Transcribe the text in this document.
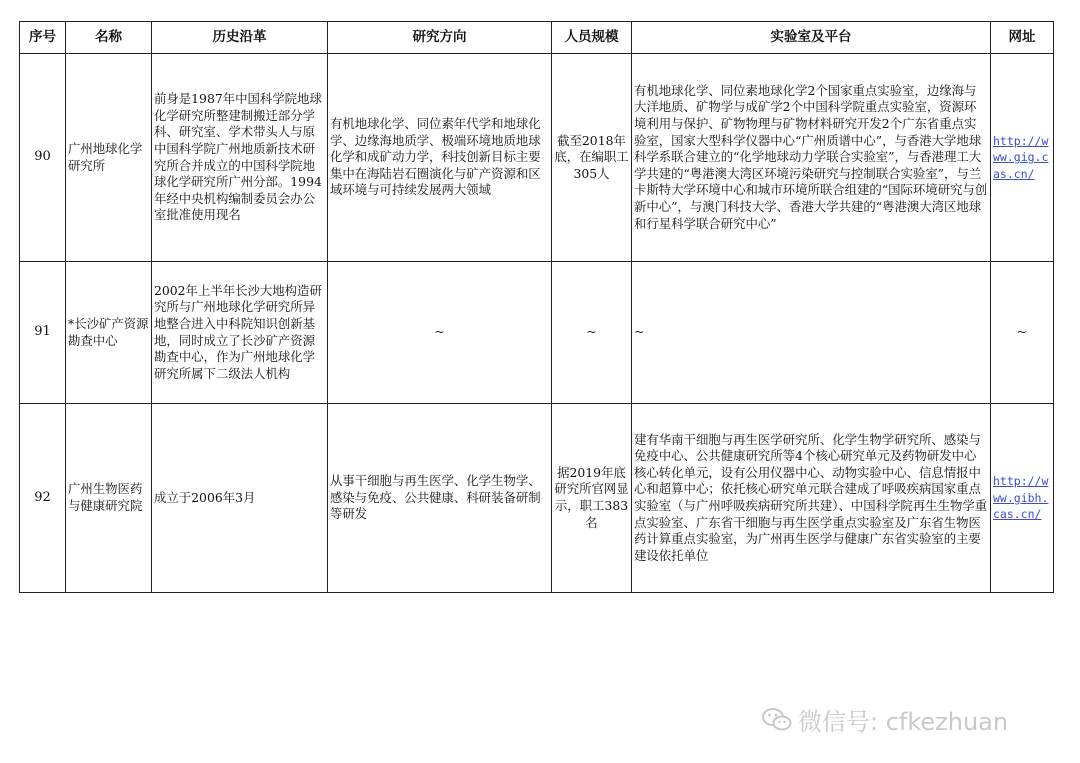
序号	名称	历史沿革	研究方向	人员规模	实验室及平台	网址
90	广州地球化学研究所	前身是1987年中国科学院地球化学研究所整建制搬迁部分学科、研究室、学术带头人与原中国科学院广州地质新技术研究所合并成立的中国科学院地球化学研究所广州分部。1994年经中央机构编制委员会办公室批准使用现名	有机地球化学、同位素年代学和地球化学、边缘海地质学、极端环境地质地球化学和成矿动力学，科技创新目标主要集中在海陆岩石圈演化与矿产资源和区域环境与可持续发展两大领域	截至2018年底，在编职工305人	有机地球化学、同位素地球化学2个国家重点实验室，边缘海与大洋地质、矿物学与成矿学2个中国科学院重点实验室，资源环境利用与保护、矿物物理与矿物材料研究开发2个广东省重点实验室，国家大型科学仪器中心“广州质谱中心”，与香港大学地球科学系联合建立的“化学地球动力学联合实验室”，与香港理工大学共建的“粤港澳大湾区环境污染研究与控制联合实验室”，与兰卡斯特大学环境中心和城市环境所联合组建的“国际环境研究与创新中心”，与澳门科技大学、香港大学共建的“粤港澳大湾区地球和行星科学联合研究中心”	http://www.gig.cas.cn/
91	*长沙矿产资源勘查中心	2002年上半年长沙大地构造研究所与广州地球化学研究所异地整合进入中科院知识创新基地，同时成立了长沙矿产资源勘查中心，作为广州地球化学研究所属下二级法人机构	~	~	~	~
92	广州生物医药与健康研究院	成立于2006年3月	从事干细胞与再生医学、化学生物学、感染与免疫、公共健康、科研装备研制等研发	据2019年底研究所官网显示，职工383名	建有华南干细胞与再生医学研究所、化学生物学研究所、感染与免疫中心、公共健康研究所等4个核心研究单元及药物研发中心核心转化单元，设有公用仪器中心、动物实验中心、信息情报中心和超算中心；依托核心研究单元联合建成了呼吸疾病国家重点实验室（与广州呼吸疾病研究所共建）、中国科学院再生生物学重点实验室、广东省干细胞与再生医学重点实验室及广东省生物医药计算重点实验室，为广州再生医学与健康广东省实验室的主要建设依托单位	http://www.gibh.cas.cn/
微信号: cfkezhuan
